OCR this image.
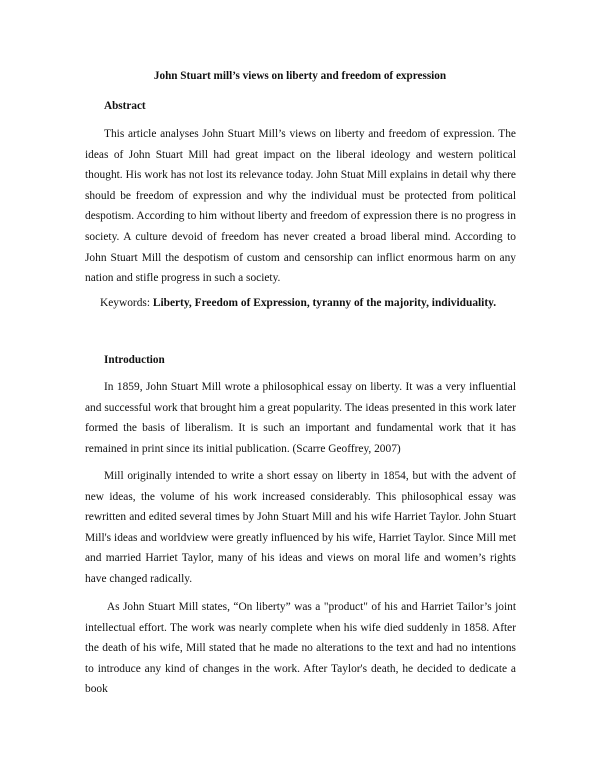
John Stuart mill’s views on liberty and freedom of expression
Abstract

This article analyses John Stuart Mill’s views on liberty and freedom of expression. The ideas of John Stuart Mill had great impact on the liberal ideology and western political thought. His work has not lost its relevance today. John Stuat Mill explains in detail why there should be freedom of expression and why the individual must be protected from political despotism. According to him without liberty and freedom of expression there is no progress in society. A culture devoid of freedom has never created a broad liberal mind. According to John Stuart Mill the despotism of custom and censorship can inflict enormous harm on any nation and stifle progress in such a society.

Keywords: Liberty, Freedom of Expression, tyranny of the majority, individuality.
Introduction

In 1859, John Stuart Mill wrote a philosophical essay on liberty. It was a very influential and successful work that brought him a great popularity. The ideas presented in this work later formed the basis of liberalism. It is such an important and fundamental work that it has remained in print since its initial publication. (Scarre Geoffrey, 2007)

Mill originally intended to write a short essay on liberty in 1854, but with the advent of new ideas, the volume of his work increased considerably. This philosophical essay was rewritten and edited several times by John Stuart Mill and his wife Harriet Taylor. John Stuart Mill's ideas and worldview were greatly influenced by his wife, Harriet Taylor. Since Mill met and married Harriet Taylor, many of his ideas and views on moral life and women’s rights have changed radically.

As John Stuart Mill states, “On liberty” was a "product" of his and Harriet Tailor’s joint intellectual effort. The work was nearly complete when his wife died suddenly in 1858. After the death of his wife, Mill stated that he made no alterations to the text and had no intentions to introduce any kind of changes in the work. After Taylor's death, he decided to dedicate a book
